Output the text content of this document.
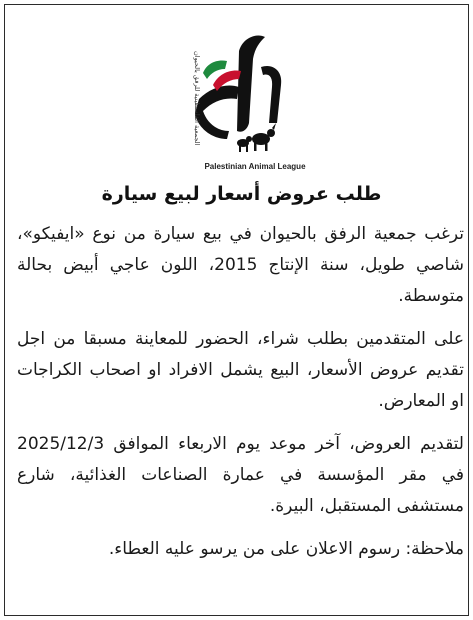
الجمعية الفلسطينية للرفق بالحيوان
Palestinian Animal League
طلب عروض أسعار لبيع سيارة

ترغب جمعية الرفق بالحيوان في بيع سيارة من نوع «ايفيكو»، شاصي طويل، سنة الإنتاج 2015، اللون عاجي أبيض بحالة متوسطة.

على المتقدمين بطلب شراء، الحضور للمعاينة مسبقا من اجل تقديم عروض الأسعار، البيع يشمل الافراد او اصحاب الكراجات او المعارض.

لتقديم العروض، آخر موعد يوم الاربعاء الموافق 2025/12/3 في مقر المؤسسة في عمارة الصناعات الغذائية، شارع مستشفى المستقبل، البيرة.

ملاحظة: رسوم الاعلان على من يرسو عليه العطاء.
